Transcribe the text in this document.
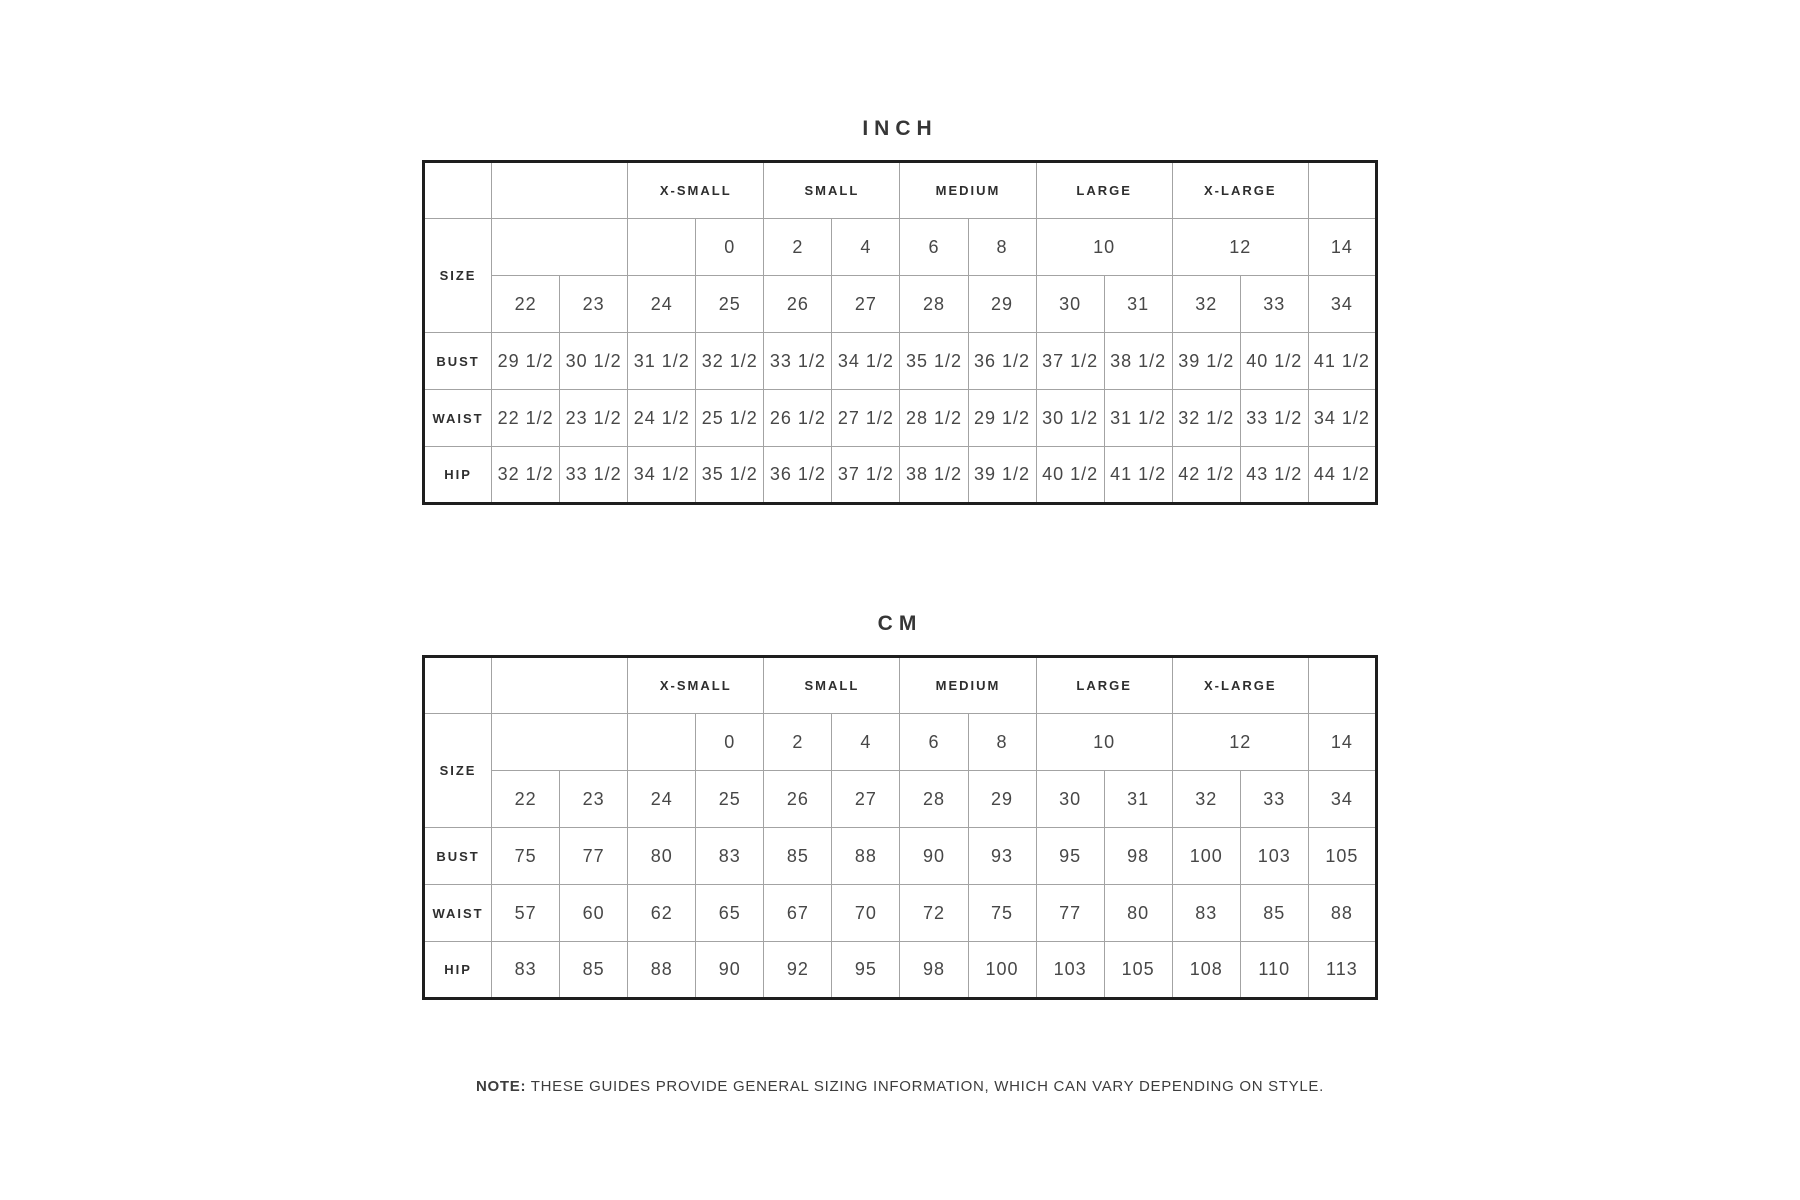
INCH
			X-SMALL		SMALL		MEDIUM		LARGE		X-LARGE		
SIZE				0	2	4	6	8	10		12		14
	22	23	24	25	26	27	28	29	30	31	32	33	34
BUST	29 1/2	30 1/2	31 1/2	32 1/2	33 1/2	34 1/2	35 1/2	36 1/2	37 1/2	38 1/2	39 1/2	40 1/2	41 1/2
WAIST	22 1/2	23 1/2	24 1/2	25 1/2	26 1/2	27 1/2	28 1/2	29 1/2	30 1/2	31 1/2	32 1/2	33 1/2	34 1/2
HIP	32 1/2	33 1/2	34 1/2	35 1/2	36 1/2	37 1/2	38 1/2	39 1/2	40 1/2	41 1/2	42 1/2	43 1/2	44 1/2
CM
			X-SMALL		SMALL		MEDIUM		LARGE		X-LARGE		
SIZE				0	2	4	6	8	10		12		14
	22	23	24	25	26	27	28	29	30	31	32	33	34
BUST	75	77	80	83	85	88	90	93	95	98	100	103	105
WAIST	57	60	62	65	67	70	72	75	77	80	83	85	88
HIP	83	85	88	90	92	95	98	100	103	105	108	110	113

NOTE: THESE GUIDES PROVIDE GENERAL SIZING INFORMATION, WHICH CAN VARY DEPENDING ON STYLE.
